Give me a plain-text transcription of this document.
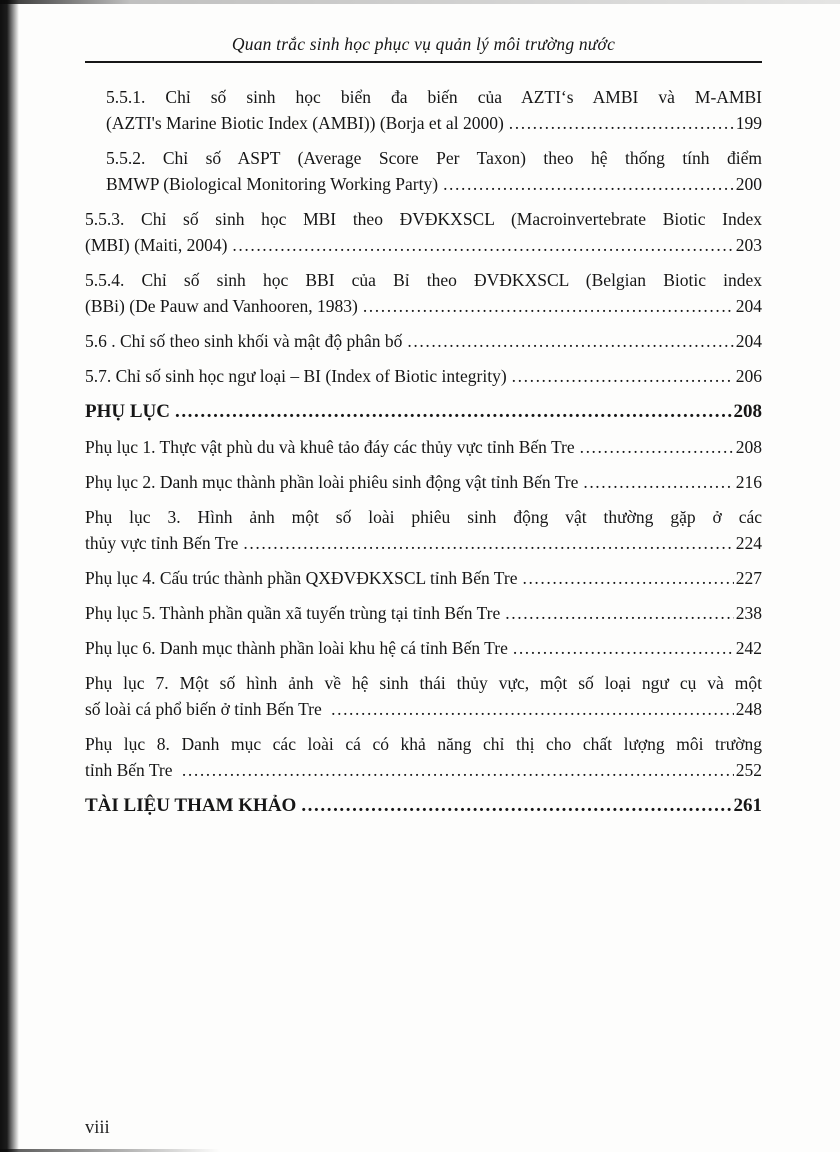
Quan trắc sinh học phục vụ quản lý môi trường nước
5.5.1. Chỉ số sinh học biển đa biến của AZTI‘s AMBI và M-AMBI
(AZTI's Marine Biotic Index (AMBI)) (Borja et al 2000) .....	199
5.5.2. Chỉ số ASPT (Average Score Per Taxon) theo hệ thống tính điểm
BMWP (Biological Monitoring Working Party) .....	200
5.5.3. Chỉ số sinh học MBI theo ĐVĐKXSCL (Macroinvertebrate Biotic Index
(MBI) (Maiti, 2004) .....	203
5.5.4. Chỉ số sinh học BBI của Bỉ theo ĐVĐKXSCL (Belgian Biotic index
(BBi) (De Pauw and Vanhooren, 1983) .....	204
5.6 . Chỉ số theo sinh khối và mật độ phân bố .....	204
5.7. Chỉ số sinh học ngư loại – BI (Index of Biotic integrity) .....	206
PHỤ LỤC .....	208
Phụ lục 1. Thực vật phù du và khuê tảo đáy các thủy vực tỉnh Bến Tre .....	208
Phụ lục 2. Danh mục thành phần loài phiêu sinh động vật tỉnh Bến Tre .....	216
Phụ lục 3. Hình ảnh một số loài phiêu sinh động vật thường gặp ở các
thủy vực tỉnh Bến Tre .....	224
Phụ lục 4. Cấu trúc thành phần QXĐVĐKXSCL tỉnh Bến Tre .....	227
Phụ lục 5. Thành phần quần xã tuyến trùng tại tỉnh Bến Tre .....	238
Phụ lục 6. Danh mục thành phần loài khu hệ cá tỉnh Bến Tre .....	242
Phụ lục 7. Một số hình ảnh về hệ sinh thái thủy vực, một số loại ngư cụ và một
số loài cá phổ biến ở tỉnh Bến Tre .....	248
Phụ lục 8. Danh mục các loài cá có khả năng chỉ thị cho chất lượng môi trường
tỉnh Bến Tre .....	252
TÀI LIỆU THAM KHẢO .....	261
viii
